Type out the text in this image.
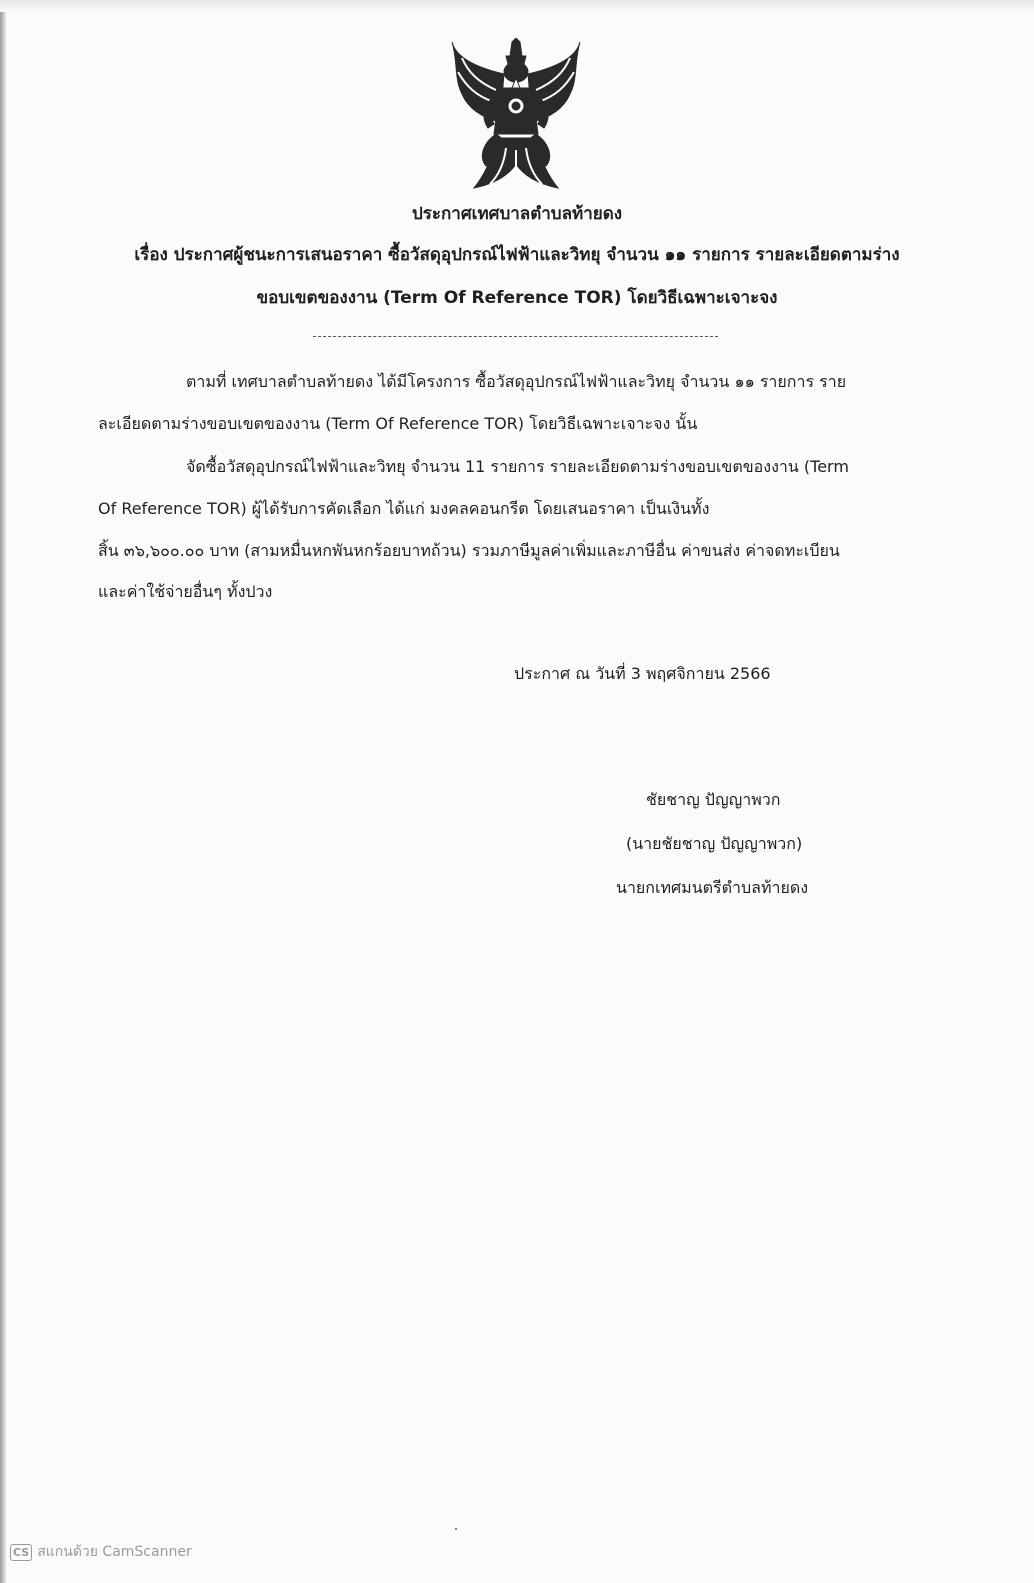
ประกาศเทศบาลตำบลท้ายดง
เรื่อง ประกาศผู้ชนะการเสนอราคา ซื้อวัสดุอุปกรณ์ไฟฟ้าและวิทยุ จำนวน ๑๑ รายการ รายละเอียดตามร่าง
ขอบเขตของงาน (Term Of Reference TOR) โดยวิธีเฉพาะเจาะจง
ตามที่ เทศบาลตำบลท้ายดง ได้มีโครงการ ซื้อวัสดุอุปกรณ์ไฟฟ้าและวิทยุ จำนวน ๑๑ รายการ ราย
ละเอียดตามร่างขอบเขตของงาน (Term Of Reference TOR) โดยวิธีเฉพาะเจาะจง นั้น
จัดซื้อวัสดุอุปกรณ์ไฟฟ้าและวิทยุ จำนวน 11 รายการ รายละเอียดตามร่างขอบเขตของงาน (Term
Of Reference TOR) ผู้ได้รับการคัดเลือก ได้แก่ มงคลคอนกรีต โดยเสนอราคา เป็นเงินทั้ง
สิ้น ๓๖,๖๐๐.๐๐ บาท (สามหมื่นหกพันหกร้อยบาทถ้วน) รวมภาษีมูลค่าเพิ่มและภาษีอื่น ค่าขนส่ง ค่าจดทะเบียน
และค่าใช้จ่ายอื่นๆ ทั้งปวง
ประกาศ ณ วันที่ 3 พฤศจิกายน 2566
ชัยชาญ ปัญญาพวก
(นายชัยชาญ ปัญญาพวก)
นายกเทศมนตรีตำบลท้ายดง
CS สแกนด้วย CamScanner
